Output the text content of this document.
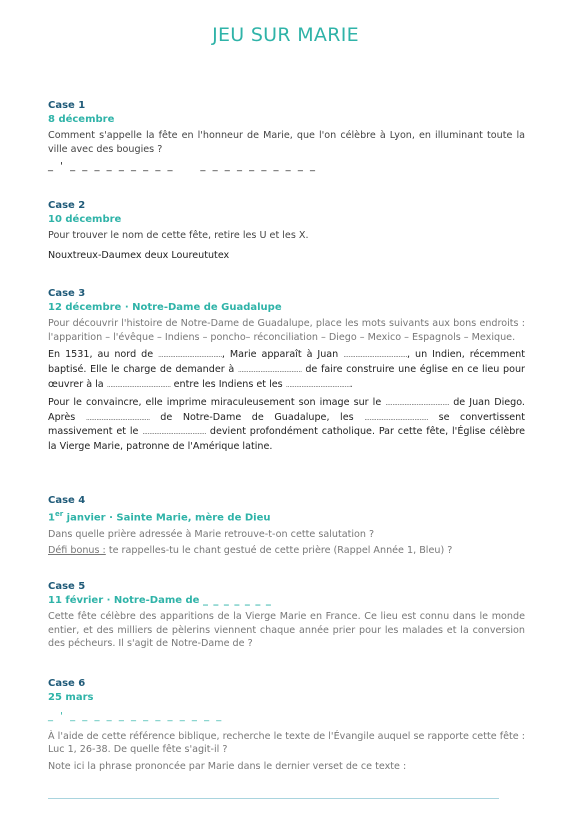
JEU SUR MARIE
Case 1
8 décembre

Comment s'appelle la fête en l'honneur de Marie, que l'on célèbre à Lyon, en illuminant toute la ville avec des bougies ?

_ ' _ _ _ _ _ _ _ _ _     _ _ _ _ _ _ _ _ _ _
Case 2
10 décembre

Pour trouver le nom de cette fête, retire les U et les X.

Nouxtreux-Daumex deux Loureututex

Case 3
12 décembre · Notre-Dame de Guadalupe

Pour découvrir l'histoire de Notre-Dame de Guadalupe, place les mots suivants aux bons endroits : l'apparition – l'évêque – Indiens – poncho– réconciliation – Diego – Mexico – Espagnols – Mexique.

En 1531, au nord de ....................................., Marie apparaît à Juan ....................................., un Indien, récemment baptisé. Elle le charge de demander à ..................................... de faire construire une église en ce lieu pour œuvrer à la ..................................... entre les Indiens et les ......................................

Pour le convaincre, elle imprime miraculeusement son image sur le ..................................... de Juan Diego. Après ..................................... de Notre-Dame de Guadalupe, les ..................................... se convertissent massivement et le ..................................... devient profondément catholique. Par cette fête, l'Église célèbre la Vierge Marie, patronne de l'Amérique latine.

Case 4
1er janvier · Sainte Marie, mère de Dieu

Dans quelle prière adressée à Marie retrouve-t-on cette salutation ?

Défi bonus : te rappelles-tu le chant gestué de cette prière (Rappel Année 1, Bleu) ?

Case 5
11 février · Notre-Dame de _ _ _ _ _ _ _

Cette fête célèbre des apparitions de la Vierge Marie en France. Ce lieu est connu dans le monde entier, et des milliers de pèlerins viennent chaque année prier pour les malades et la conversion des pécheurs. Il s'agit de Notre-Dame de ?

Case 6
25 mars
_ ' _ _ _ _ _ _ _ _ _ _ _ _ _

À l'aide de cette référence biblique, recherche le texte de l'Évangile auquel se rapporte cette fête : Luc 1, 26-38. De quelle fête s'agit-il ?

Note ici la phrase prononcée par Marie dans le dernier verset de ce texte :
